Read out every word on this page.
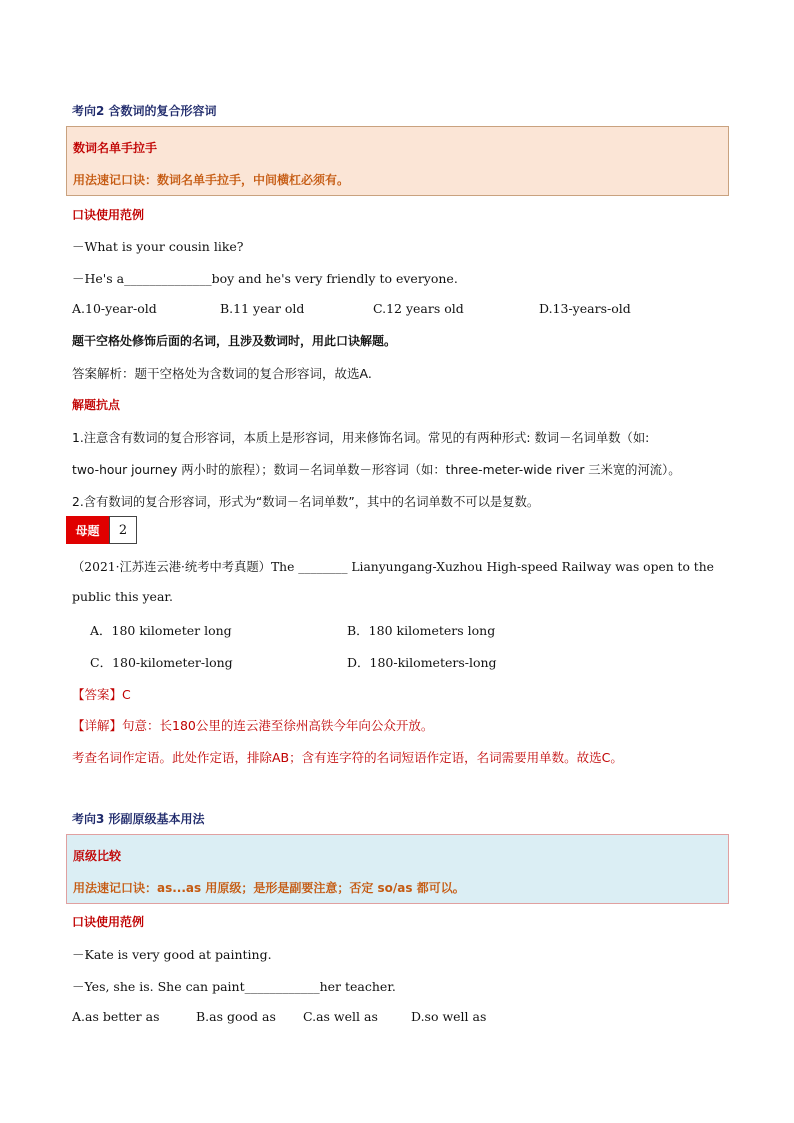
考向2 含数词的复合形容词
数词名单手拉手
用法速记口诀：数词名单手拉手，中间横杠必须有。
口诀使用范例
－What is your cousin like?
－He's a______________boy and he's very friendly to everyone.
A.10-year-old	B.11 year old	C.12 years old	D.13-years-old
题干空格处修饰后面的名词，且涉及数词时，用此口诀解题。
答案解析：题干空格处为含数词的复合形容词，故选A.
解题抗点
1.注意含有数词的复合形容词，本质上是形容词，用来修饰名词。常见的有两种形式: 数词－名词单数（如:
two-hour journey 两小时的旅程）；数词－名词单数－形容词（如：three-meter-wide river 三米宽的河流）。
2.含有数词的复合形容词，形式为“数词－名词单数”，其中的名词单数不可以是复数。
母题	2
（2021·江苏连云港·统考中考真题）The ________ Lianyungang-Xuzhou High-speed Railway was open to the
public this year.
A．180 kilometer long	B．180 kilometers long
C．180-kilometer-long	D．180-kilometers-long
【答案】C
【详解】句意：长180公里的连云港至徐州高铁今年向公众开放。
考查名词作定语。此处作定语，排除AB；含有连字符的名词短语作定语，名词需要用单数。故选C。
考向3 形副原级基本用法
原级比较
用法速记口诀：as...as 用原级；是形是副要注意；否定 so/as 都可以。
口诀使用范例
－Kate is very good at painting.
－Yes, she is. She can paint____________her teacher.
A.as better as	B.as good as C.as well as	D.so well as
